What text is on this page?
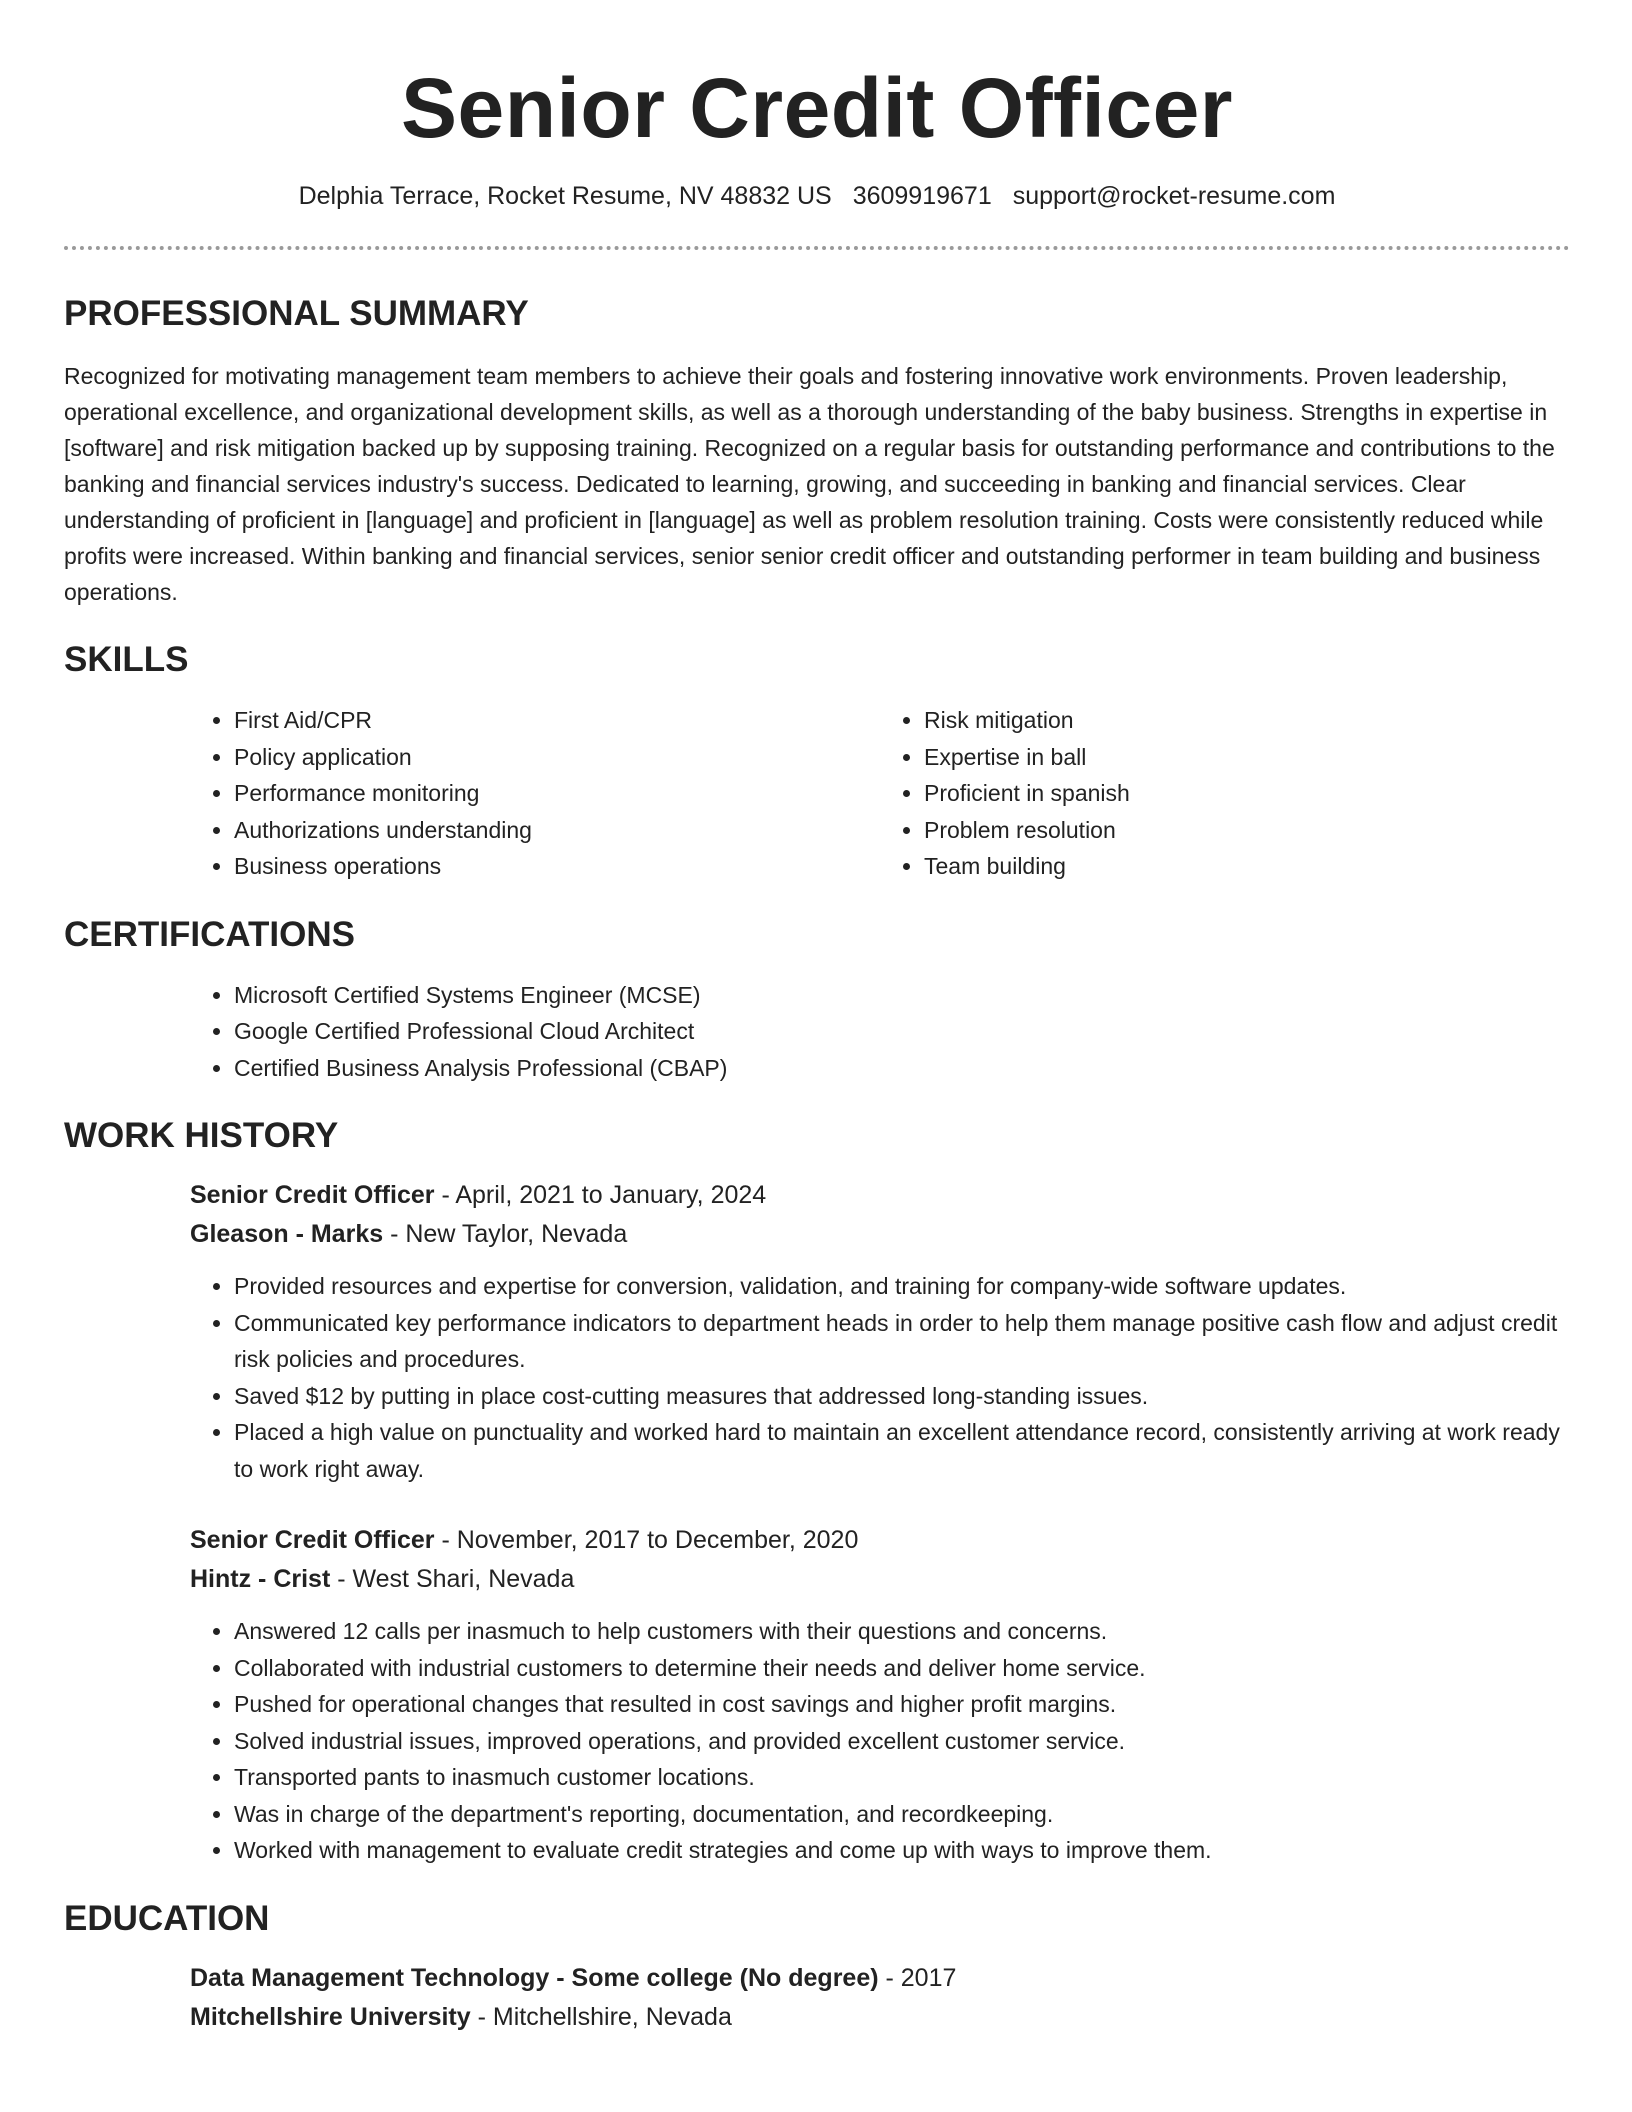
Senior Credit Officer
Delphia Terrace, Rocket Resume, NV 48832 US 3609919671 support@rocket-resume.com
PROFESSIONAL SUMMARY

Recognized for motivating management team members to achieve their goals and fostering innovative work environments. Proven leadership, operational excellence, and organizational development skills, as well as a thorough understanding of the baby business. Strengths in expertise in [software] and risk mitigation backed up by supposing training. Recognized on a regular basis for outstanding performance and contributions to the banking and financial services industry's success. Dedicated to learning, growing, and succeeding in banking and financial services. Clear understanding of proficient in [language] and proficient in [language] as well as problem resolution training. Costs were consistently reduced while profits were increased. Within banking and financial services, senior senior credit officer and outstanding performer in team building and business operations.

SKILLS
• First Aid/CPR
• Policy application
• Performance monitoring
• Authorizations understanding
• Business operations
• Risk mitigation
• Expertise in ball
• Proficient in spanish
• Problem resolution
• Team building
CERTIFICATIONS
• Microsoft Certified Systems Engineer (MCSE)
• Google Certified Professional Cloud Architect
• Certified Business Analysis Professional (CBAP)
WORK HISTORY
Senior Credit Officer - April, 2021 to January, 2024
Gleason - Marks - New Taylor, Nevada
• Provided resources and expertise for conversion, validation, and training for company-wide software updates.
• Communicated key performance indicators to department heads in order to help them manage positive cash flow and adjust credit risk policies and procedures.
• Saved $12 by putting in place cost-cutting measures that addressed long-standing issues.
• Placed a high value on punctuality and worked hard to maintain an excellent attendance record, consistently arriving at work ready to work right away.
Senior Credit Officer - November, 2017 to December, 2020
Hintz - Crist - West Shari, Nevada
• Answered 12 calls per inasmuch to help customers with their questions and concerns.
• Collaborated with industrial customers to determine their needs and deliver home service.
• Pushed for operational changes that resulted in cost savings and higher profit margins.
• Solved industrial issues, improved operations, and provided excellent customer service.
• Transported pants to inasmuch customer locations.
• Was in charge of the department's reporting, documentation, and recordkeeping.
• Worked with management to evaluate credit strategies and come up with ways to improve them.
EDUCATION
Data Management Technology - Some college (No degree) - 2017
Mitchellshire University - Mitchellshire, Nevada
